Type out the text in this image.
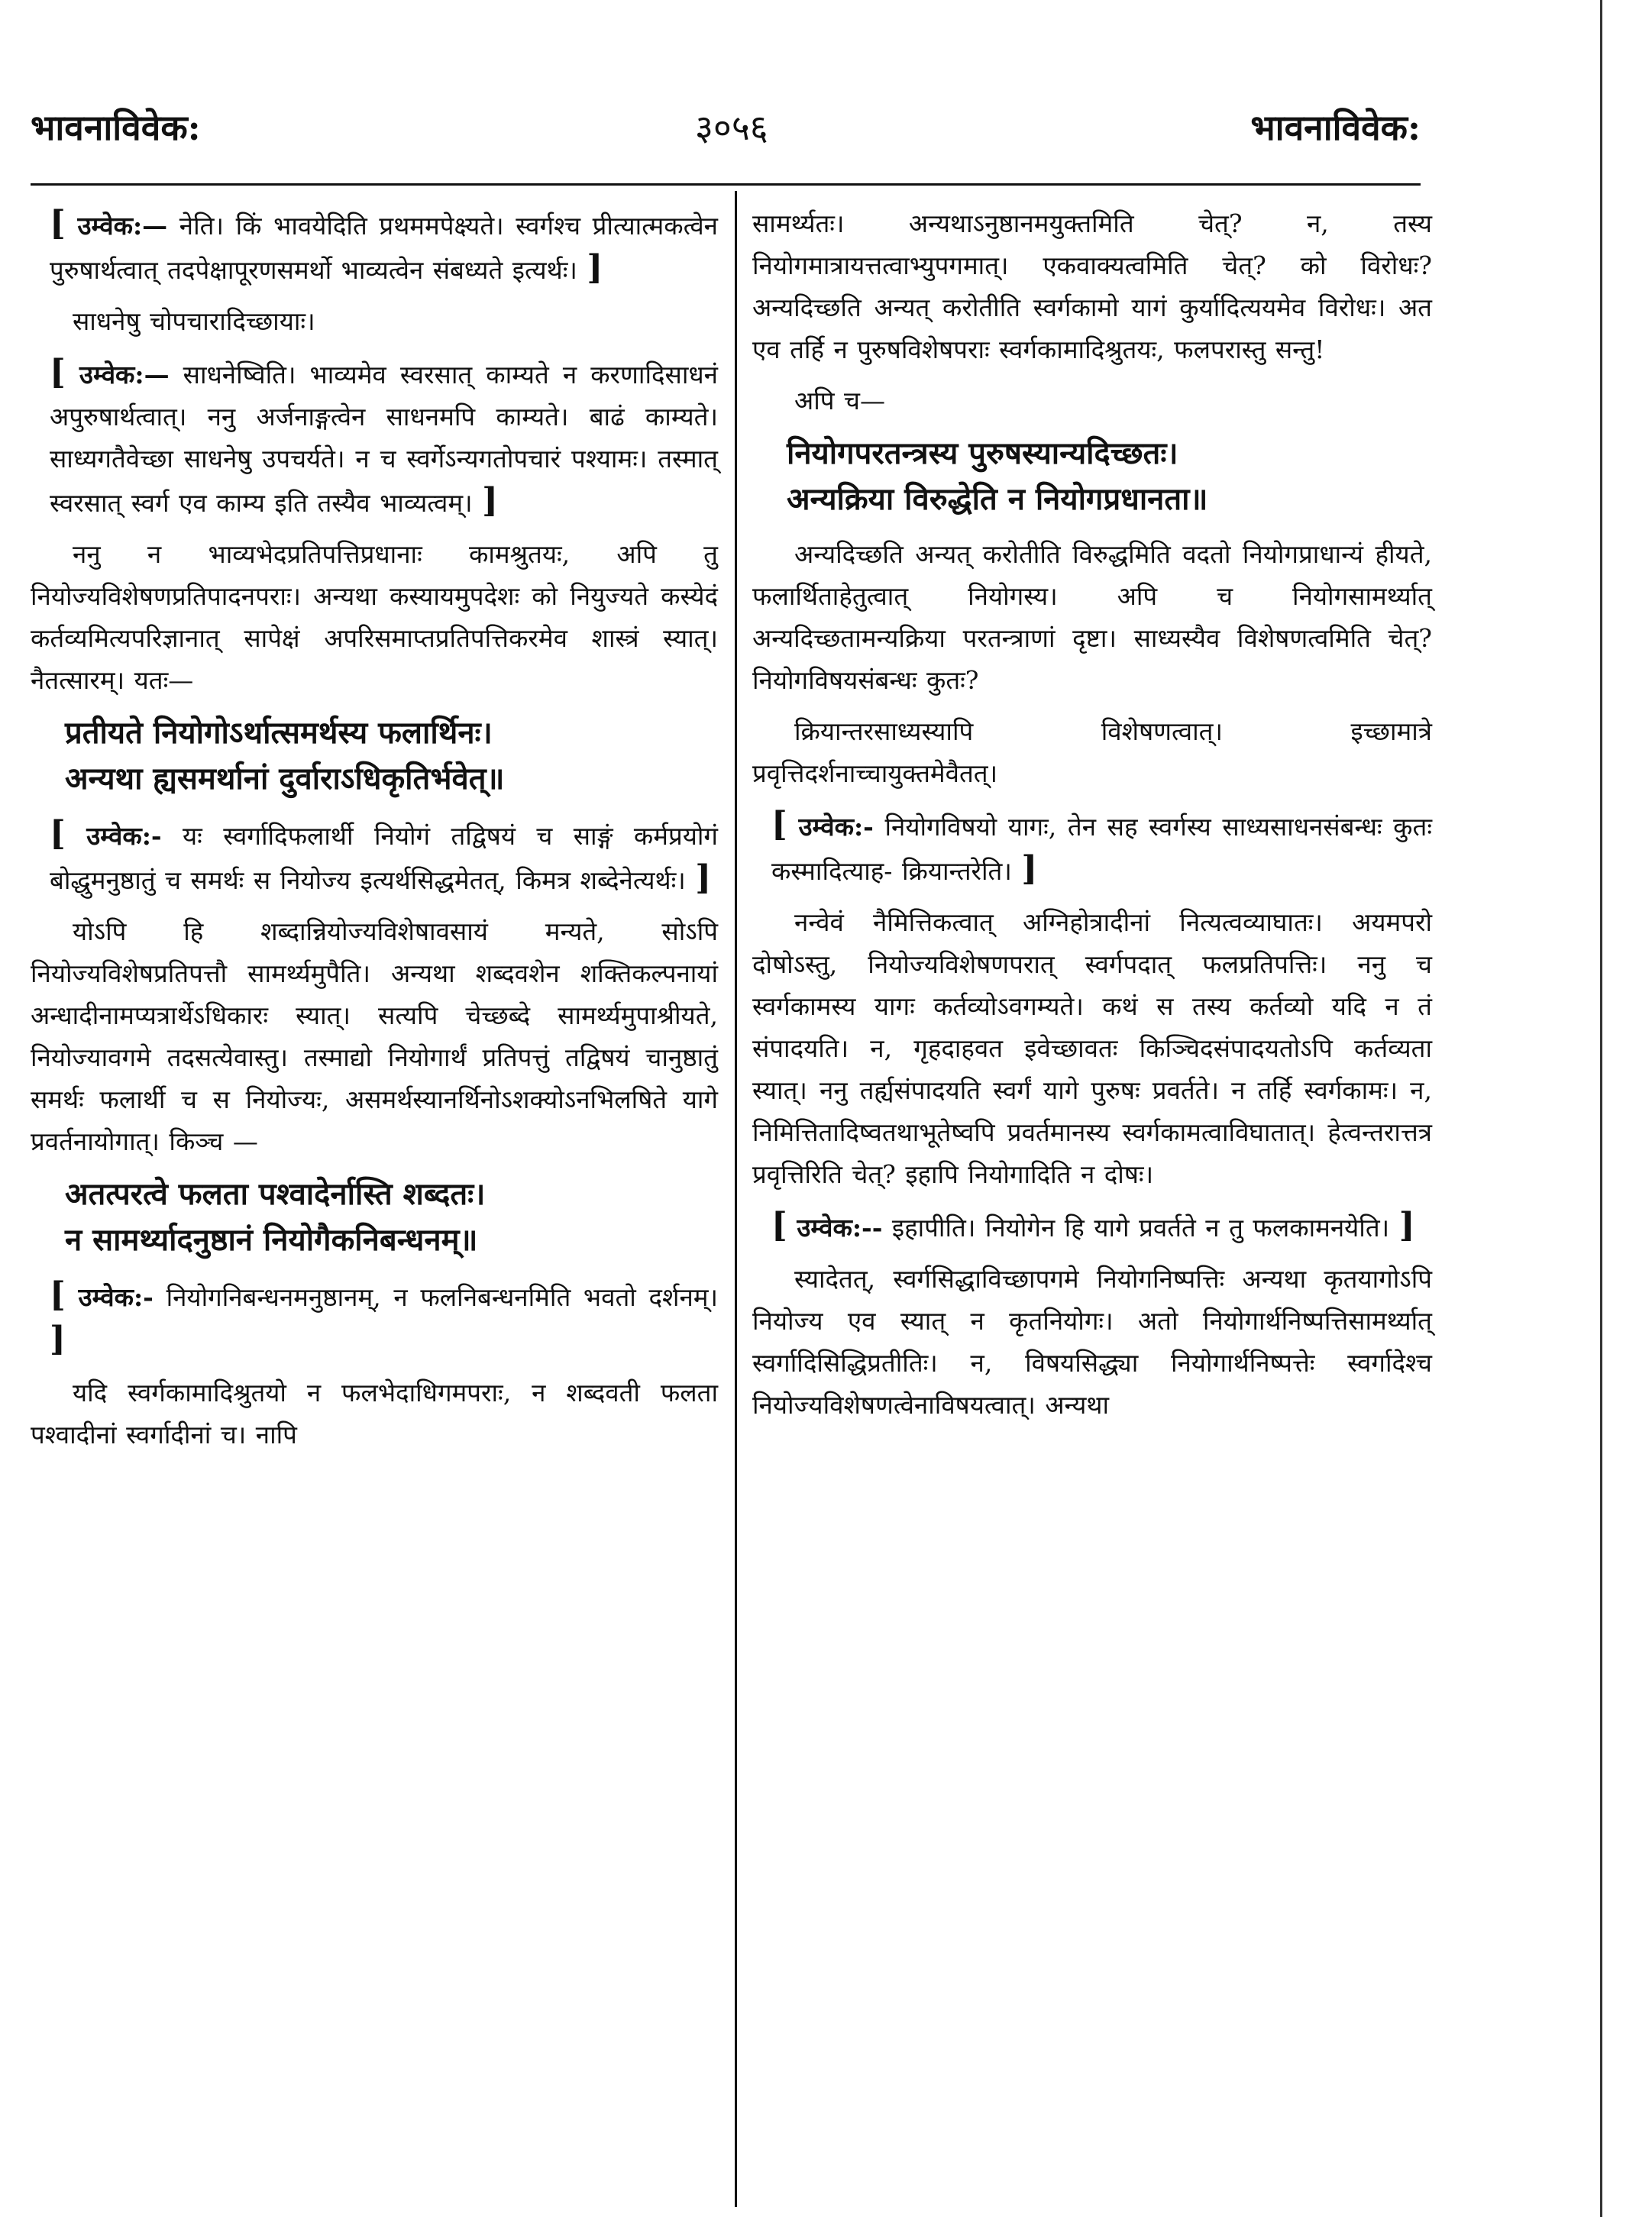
भावनाविवेक:	३०५६	भावनाविवेक:

[ उम्वेक:— नेति। किं भावयेदिति प्रथममपेक्ष्यते। स्वर्गश्च प्रीत्यात्मकत्वेन पुरुषार्थत्वात् तदपेक्षापूरणसमर्थो भाव्यत्वेन संबध्यते इत्यर्थः। ]

साधनेषु चोपचारादिच्छायाः।

[ उम्वेक:— साधनेष्विति। भाव्यमेव स्वरसात् काम्यते न करणादिसाधनं अपुरुषार्थत्वात्। ननु अर्जनाङ्गत्वेन साधनमपि काम्यते। बाढं काम्यते। साध्यगतैवेच्छा साधनेषु उपचर्यते। न च स्वर्गेऽन्यगतोपचारं पश्यामः। तस्मात् स्वरसात् स्वर्ग एव काम्य इति तस्यैव भाव्यत्वम्। ]

ननु न भाव्यभेदप्रतिपत्तिप्रधानाः कामश्रुतयः, अपि तु नियोज्यविशेषणप्रतिपादनपराः। अन्यथा कस्यायमुपदेशः को नियुज्यते कस्येदं कर्तव्यमित्यपरिज्ञानात् सापेक्षं अपरिसमाप्तप्रतिपत्तिकरमेव शास्त्रं स्यात्। नैतत्सारम्। यतः—

प्रतीयते नियोगोऽर्थात्समर्थस्य फलार्थिनः।
अन्यथा ह्यसमर्थानां दुर्वाराऽधिकृतिर्भवेत्॥

[ उम्वेक:- यः स्वर्गादिफलार्थी नियोगं तद्विषयं च साङ्गं कर्मप्रयोगं बोद्धुमनुष्ठातुं च समर्थः स नियोज्य इत्यर्थसिद्धमेतत्, किमत्र शब्देनेत्यर्थः। ]

योऽपि हि शब्दान्नियोज्यविशेषावसायं मन्यते, सोऽपि नियोज्यविशेषप्रतिपत्तौ सामर्थ्यमुपैति। अन्यथा शब्दवशेन शक्तिकल्पनायां अन्धादीनामप्यत्रार्थेऽधिकारः स्यात्। सत्यपि चेच्छब्दे सामर्थ्यमुपाश्रीयते, नियोज्यावगमे तदसत्येवास्तु। तस्माद्यो नियोगार्थं प्रतिपत्तुं तद्विषयं चानुष्ठातुं समर्थः फलार्थी च स नियोज्यः, असमर्थस्यानर्थिनोऽशक्योऽनभिलषिते यागे प्रवर्तनायोगात्। किञ्च —

अतत्परत्वे फलता पश्वादेर्नास्ति शब्दतः।
न सामर्थ्यादनुष्ठानं नियोगैकनिबन्धनम्॥

[ उम्वेक:- नियोगनिबन्धनमनुष्ठानम्, न फलनिबन्धनमिति भवतो दर्शनम्। ]

यदि स्वर्गकामादिश्रुतयो न फलभेदाधिगमपराः, न शब्दवती फलता पश्वादीनां स्वर्गादीनां च। नापि

सामर्थ्यतः। अन्यथाऽनुष्ठानमयुक्तमिति चेत्? न, तस्य नियोगमात्रायत्तत्वाभ्युपगमात्। एकवाक्यत्वमिति चेत्? को विरोधः? अन्यदिच्छति अन्यत् करोतीति स्वर्गकामो यागं कुर्यादित्ययमेव विरोधः। अत एव तर्हि न पुरुषविशेषपराः स्वर्गकामादिश्रुतयः, फलपरास्तु सन्तु!

अपि च—

नियोगपरतन्त्रस्य पुरुषस्यान्यदिच्छतः।
अन्यक्रिया विरुद्धेति न नियोगप्रधानता॥

अन्यदिच्छति अन्यत् करोतीति विरुद्धमिति वदतो नियोगप्राधान्यं हीयते, फलार्थिताहेतुत्वात् नियोगस्य। अपि च नियोगसामर्थ्यात् अन्यदिच्छतामन्यक्रिया परतन्त्राणां दृष्टा। साध्यस्यैव विशेषणत्वमिति चेत्? नियोगविषयसंबन्धः कुतः?

क्रियान्तरसाध्यस्यापि विशेषणत्वात्। इच्छामात्रे प्रवृत्तिदर्शनाच्चायुक्तमेवैतत्।

[ उम्वेक:- नियोगविषयो यागः, तेन सह स्वर्गस्य साध्यसाधनसंबन्धः कुतः कस्मादित्याह- क्रियान्तरेति। ]

नन्वेवं नैमित्तिकत्वात् अग्निहोत्रादीनां नित्यत्वव्याघातः। अयमपरो दोषोऽस्तु, नियोज्यविशेषणपरात् स्वर्गपदात् फलप्रतिपत्तिः। ननु च स्वर्गकामस्य यागः कर्तव्योऽवगम्यते। कथं स तस्य कर्तव्यो यदि न तं संपादयति। न, गृहदाहवत इवेच्छावतः किञ्चिदसंपादयतोऽपि कर्तव्यता स्यात्। ननु तर्ह्यसंपादयति स्वर्गं यागे पुरुषः प्रवर्तते। न तर्हि स्वर्गकामः। न, निमित्तितादिष्वतथाभूतेष्वपि प्रवर्तमानस्य स्वर्गकामत्वाविघातात्। हेत्वन्तरात्तत्र प्रवृत्तिरिति चेत्? इहापि नियोगादिति न दोषः।

[ उम्वेक:-- इहापीति। नियोगेन हि यागे प्रवर्तते न तु फलकामनयेति। ]

स्यादेतत्, स्वर्गसिद्धाविच्छापगमे नियोगनिष्पत्तिः अन्यथा कृतयागोऽपि नियोज्य एव स्यात् न कृतनियोगः। अतो नियोगार्थनिष्पत्तिसामर्थ्यात् स्वर्गादिसिद्धिप्रतीतिः। न, विषयसिद्ध्या नियोगार्थनिष्पत्तेः स्वर्गादेश्च नियोज्यविशेषणत्वेनाविषयत्वात्। अन्यथा
